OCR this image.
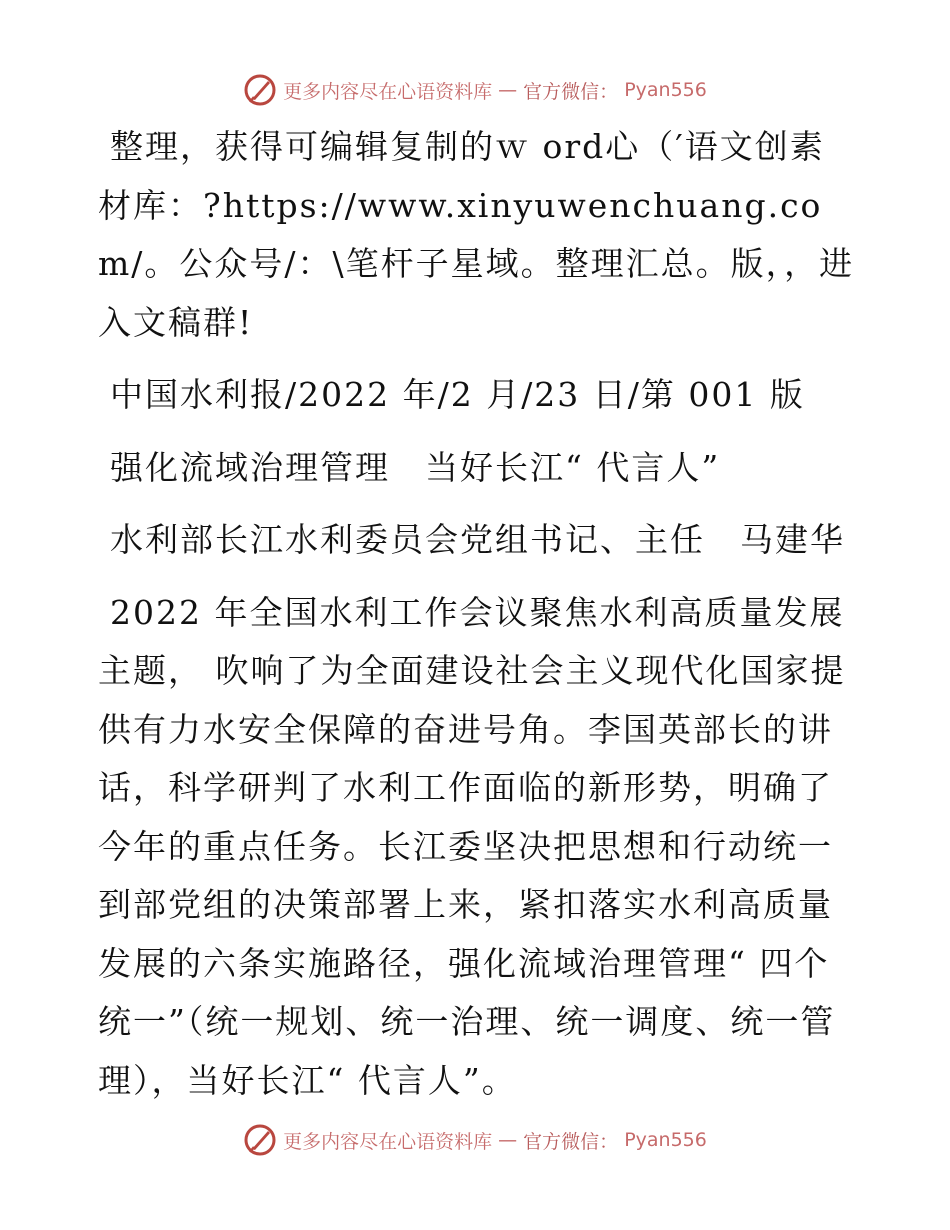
更多内容尽在心语资料库 — 官方微信： Pyan556

整理，获得可编辑复制的ｗ ord心（′语文创素材库：?https://www.xinyuwenchuang.com/。公众号/：\笔杆子星域。整理汇总。版，，进入文稿群!

中国水利报/2022 年/2 月/23 日/第 001 版

强化流域治理管理　当好长江“ 代言人”

水利部长江水利委员会党组书记、主任　马建华

2022 年全国水利工作会议聚焦水利高质量发展主题， 吹响了为全面建设社会主义现代化国家提供有力水安全保障的奋进号角。李国英部长的讲话，科学研判了水利工作面临的新形势，明确了今年的重点任务。长江委坚决把思想和行动统一到部党组的决策部署上来，紧扣落实水利高质量发展的六条实施路径，强化流域治理管理“ 四个统一”（统一规划、统一治理、统一调度、统一管理），当好长江“ 代言人”。

更多内容尽在心语资料库 — 官方微信： Pyan556
